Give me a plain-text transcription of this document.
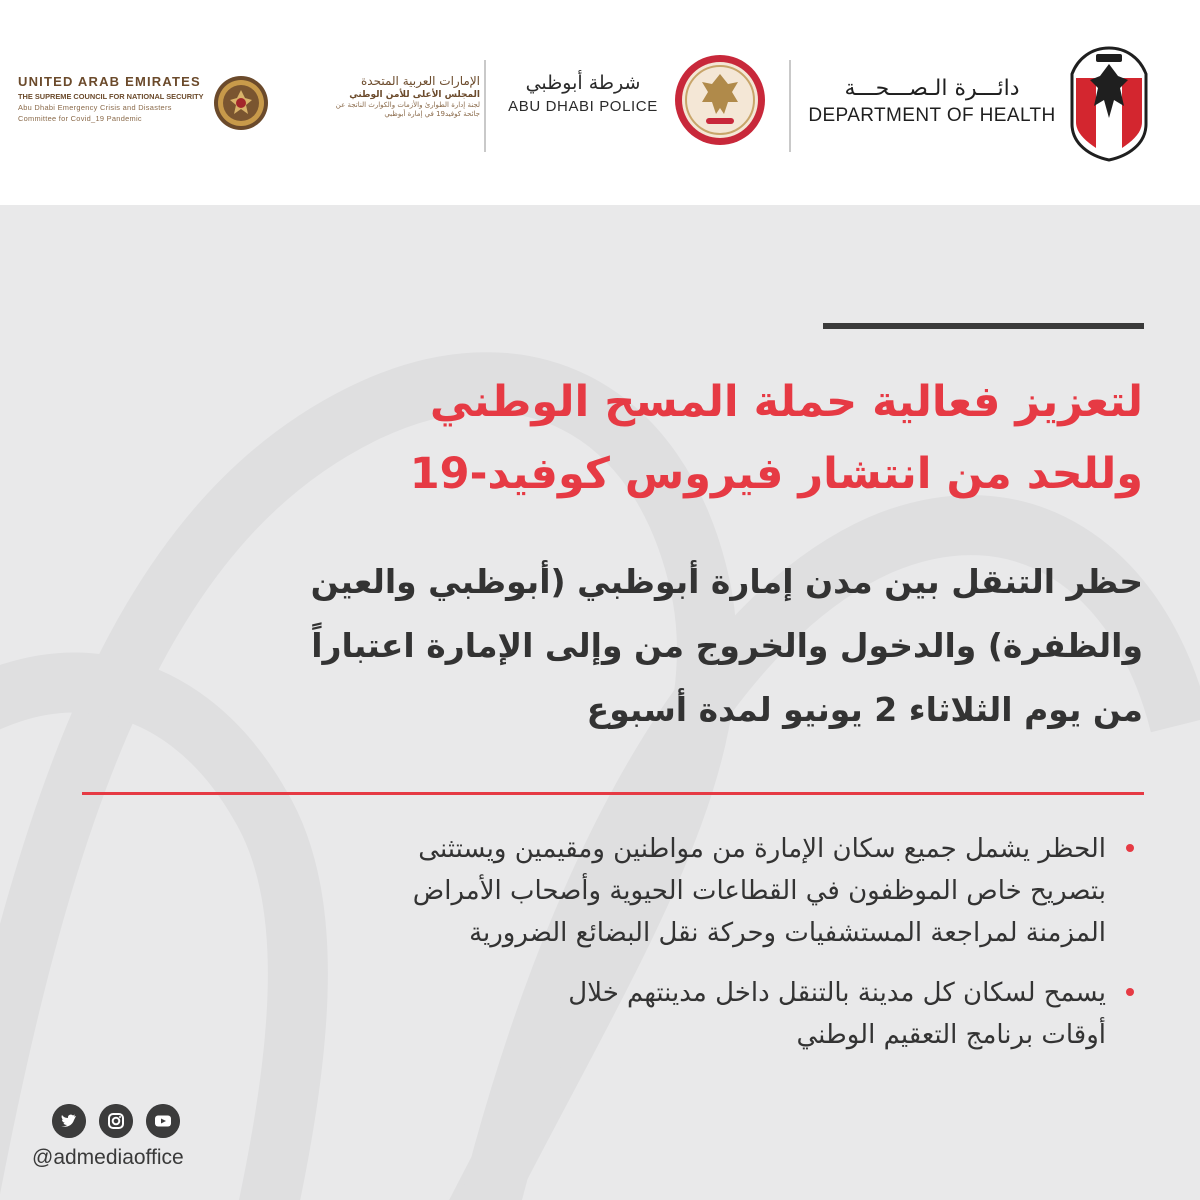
UNITED ARAB EMIRATES
THE SUPREME COUNCIL FOR NATIONAL SECURITY
Abu Dhabi Emergency Crisis and Disasters
Committee for Covid_19 Pandemic
الإمارات العربية المتحدة
المجلس الأعلى للأمن الوطني
لجنة إدارة الطوارئ والأزمات والكوارث الناتجة عن
جائحة كوفيد19 في إمارة أبوظبي
شرطة أبوظبي
ABU DHABI POLICE
دائـــرة الـصـــحـــة
DEPARTMENT OF HEALTH
لتعزيز فعالية حملة المسح الوطني
وللحد من انتشار فيروس كوفيد-19
حظر التنقل بين مدن إمارة أبوظبي (أبوظبي والعين
والظفرة) والدخول والخروج من وإلى الإمارة اعتباراً
من يوم الثلاثاء 2 يونيو لمدة أسبوع
الحظر يشمل جميع سكان الإمارة من مواطنين ومقيمين ويستثنى
بتصريح خاص الموظفون في القطاعات الحيوية وأصحاب الأمراض
المزمنة لمراجعة المستشفيات وحركة نقل البضائع الضرورية
يسمح لسكان كل مدينة بالتنقل داخل مدينتهم خلال
أوقات برنامج التعقيم الوطني
@admediaoffice
